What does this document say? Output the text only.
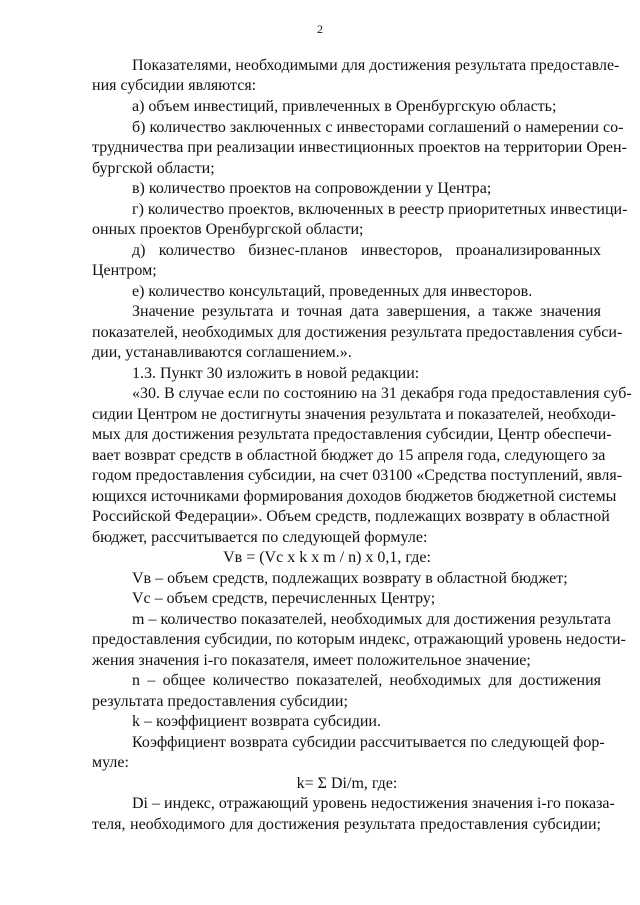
2
Показателями, необходимыми для достижения результата предоставле-
ния субсидии являются:
а) объем инвестиций, привлеченных в Оренбургскую область;
б) количество заключенных с инвесторами соглашений о намерении со-
трудничества при реализации инвестиционных проектов на территории Орен-
бургской области;
в) количество проектов на сопровождении у Центра;
г) количество проектов, включенных в реестр приоритетных инвестици-
онных проектов Оренбургской области;
д) количество бизнес-планов инвесторов, проанализированных
Центром;
е) количество консультаций, проведенных для инвесторов.
Значение результата и точная дата завершения, а также значения
показателей, необходимых для достижения результата предоставления субси-
дии, устанавливаются соглашением.».
1.3. Пункт 30 изложить в новой редакции:
«30. В случае если по состоянию на 31 декабря года предоставления суб-
сидии Центром не достигнуты значения результата и показателей, необходи-
мых для достижения результата предоставления субсидии, Центр обеспечи-
вает возврат средств в областной бюджет до 15 апреля года, следующего за
годом предоставления субсидии, на счет 03100 «Средства поступлений, явля-
ющихся источниками формирования доходов бюджетов бюджетной системы
Российской Федерации». Объем средств, подлежащих возврату в областной
бюджет, рассчитывается по следующей формуле:
Vв = (Vc x k x m / n) x 0,1, где:
Vв – объем средств, подлежащих возврату в областной бюджет;
Vc – объем средств, перечисленных Центру;
m – количество показателей, необходимых для достижения результата
предоставления субсидии, по которым индекс, отражающий уровень недости-
жения значения i-го показателя, имеет положительное значение;
n – общее количество показателей, необходимых для достижения
результата предоставления субсидии;
k – коэффициент возврата субсидии.
Коэффициент возврата субсидии рассчитывается по следующей фор-
муле:
k= Σ Di/m, где:
Di – индекс, отражающий уровень недостижения значения i-го показа-
теля, необходимого для достижения результата предоставления субсидии;
